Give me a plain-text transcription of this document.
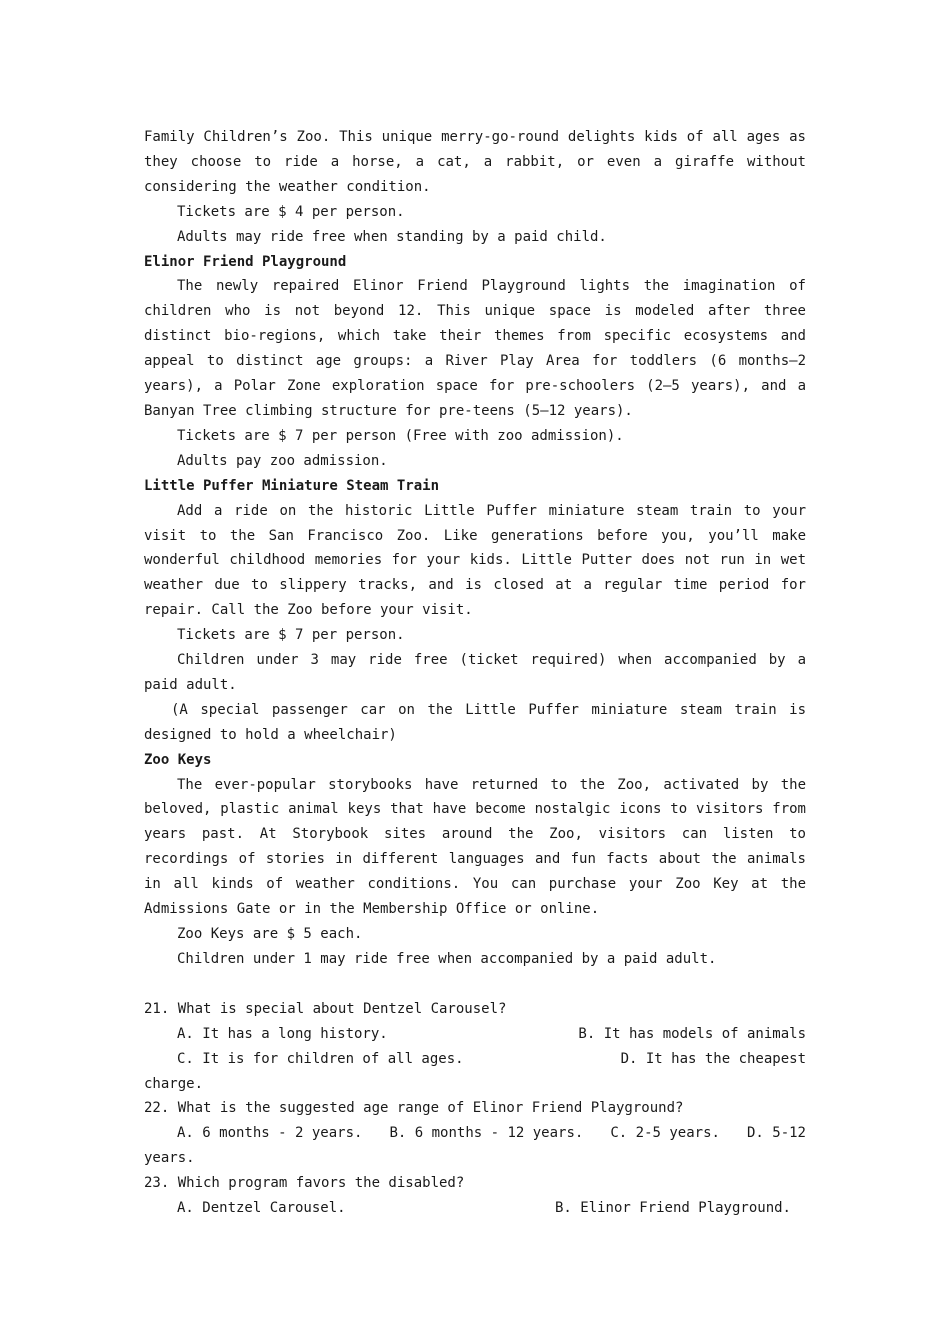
Family Children’s Zoo. This unique merry-go-round delights kids of all ages as they choose to ride a horse, a cat, a rabbit, or even a giraffe without considering the weather condition.

Tickets are $ 4 per person.

Adults may ride free when standing by a paid child.

Elinor Friend Playground

The newly repaired Elinor Friend Playground lights the imagination of children who is not beyond 12. This unique space is modeled after three distinct bio-regions, which take their themes from specific ecosystems and appeal to distinct age groups: a River Play Area for toddlers (6 months—2 years), a Polar Zone exploration space for pre-schoolers (2—5 years), and a Banyan Tree climbing structure for pre-teens (5—12 years).

Tickets are $ 7 per person (Free with zoo admission).

Adults pay zoo admission.

Little Puffer Miniature Steam Train

Add a ride on the historic Little Puffer miniature steam train to your visit to the San Francisco Zoo. Like generations before you, you’ll make wonderful childhood memories for your kids. Little Putter does not run in wet weather due to slippery tracks, and is closed at a regular time period for repair. Call the Zoo before your visit.

Tickets are $ 7 per person.

Children under 3 may ride free (ticket required) when accompanied by a paid adult.

(A special passenger car on the Little Puffer miniature steam train is designed to hold a wheelchair)

Zoo Keys

The ever-popular storybooks have returned to the Zoo, activated by the beloved, plastic animal keys that have become nostalgic icons to visitors from years past. At Storybook sites around the Zoo, visitors can listen to recordings of stories in different languages and fun facts about the animals in all kinds of weather conditions. You can purchase your Zoo Key at the Admissions Gate or in the Membership Office or online.

Zoo Keys are $ 5 each.

Children under 1 may ride free when accompanied by a paid adult.

21. What is special about Dentzel Carousel?

A. It has a long history.	B. It has models of animals
C. It is for children of all ages.	D. It has the cheapest

charge.

22. What is the suggested age range of Elinor Friend Playground?

A. 6 months - 2 years. B. 6 months - 12 years. C. 2-5 years. D. 5-12

years.

23. Which program favors the disabled?

A. Dentzel Carousel.	B. Elinor Friend Playground.
